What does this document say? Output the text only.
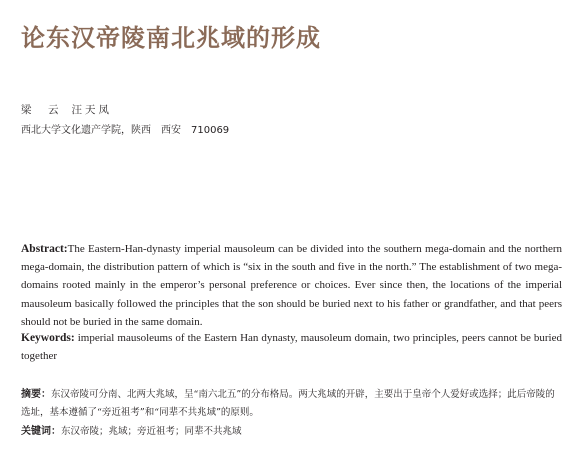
论东汉帝陵南北兆域的形成
梁　云 汪天凤
西北大学文化遗产学院，陕西　西安　710069

Abstract:The Eastern-Han-dynasty imperial mausoleum can be divided into the southern mega-domain and the northern mega-domain, the distribution pattern of which is “six in the south and five in the north.” The establishment of two mega-domains rooted mainly in the emperor’s personal preference or choices. Ever since then, the locations of the imperial mausoleum basically followed the principles that the son should be buried next to his father or grandfather, and that peers should not be buried in the same domain.

Keywords: imperial mausoleums of the Eastern Han dynasty, mausoleum domain, two principles, peers cannot be buried together

摘要：东汉帝陵可分南、北两大兆域，呈“南六北五”的分布格局。两大兆域的开辟，主要出于皇帝个人爱好或选择；此后帝陵的选址，基本遵循了“旁近祖考”和“同辈不共兆域”的原则。

关键词：东汉帝陵；兆域；旁近祖考；同辈不共兆域
